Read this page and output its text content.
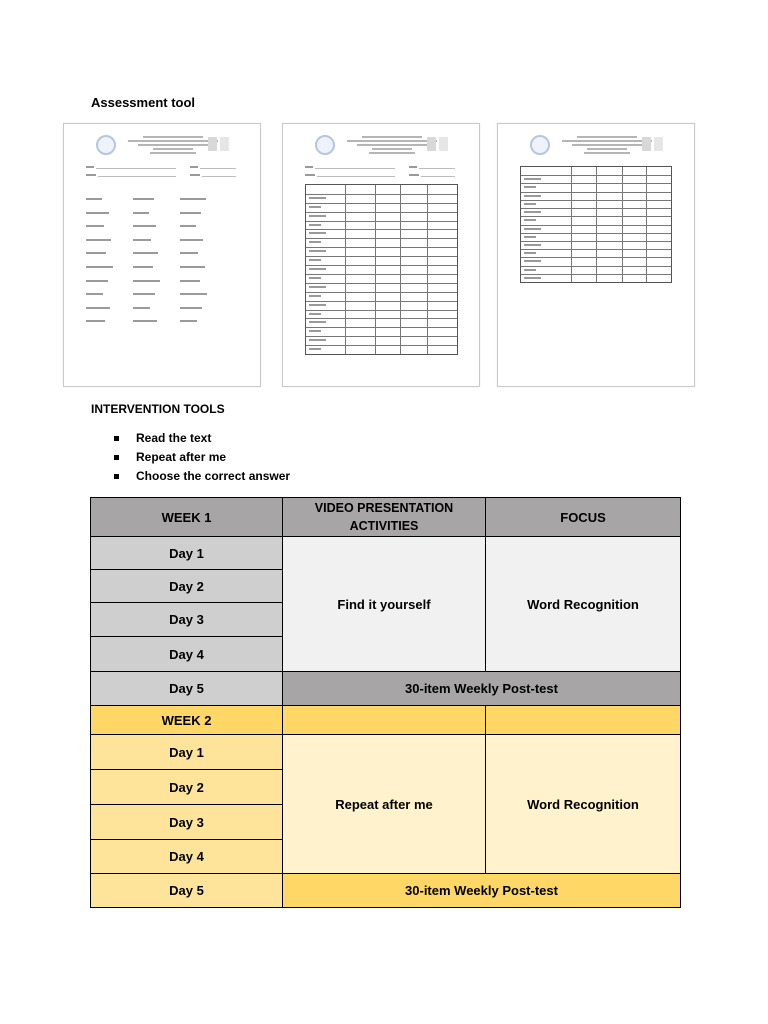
Assessment tool
INTERVENTION TOOLS
Read the text
Repeat after me
Choose the correct answer
WEEK 1	VIDEO PRESENTATION ACTIVITIES	FOCUS
Day 1	Find it yourself	Word Recognition
Day 2		
Day 3		
Day 4		
Day 5	30-item Weekly Post-test	
WEEK 2		
Day 1	Repeat after me	Word Recognition
Day 2		
Day 3		
Day 4		
Day 5	30-item Weekly Post-test	
